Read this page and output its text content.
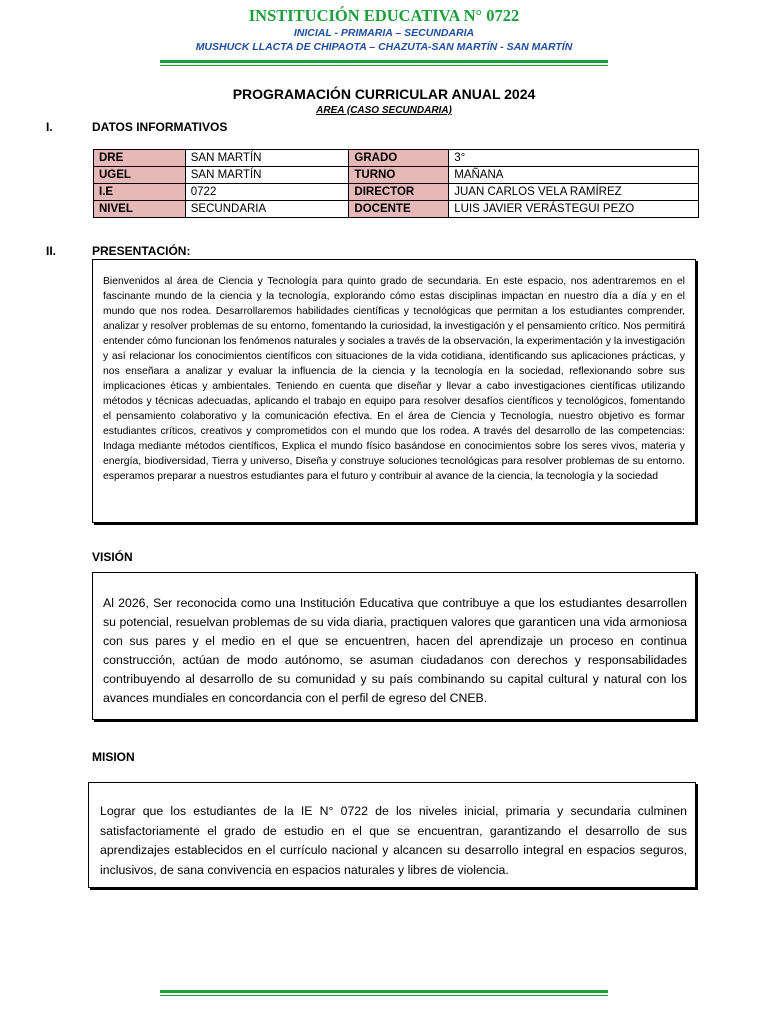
INSTITUCIÓN EDUCATIVA N° 0722
INICIAL - PRIMARIA – SECUNDARIA
MUSHUCK LLACTA DE CHIPAOTA – CHAZUTA-SAN MARTÍN - SAN MARTÍN
PROGRAMACIÓN CURRICULAR ANUAL 2024
AREA (CASO SECUNDARIA)
I.	DATOS INFORMATIVOS
DRE	SAN MARTÍN	GRADO	3°
UGEL	SAN MARTÍN	TURNO	MAÑANA
I.E	0722	DIRECTOR	JUAN CARLOS VELA RAMÍREZ
NIVEL	SECUNDARIA	DOCENTE	LUIS JAVIER VERÁSTEGUI PEZO
II.	PRESENTACIÓN:

Bienvenidos al área de Ciencia y Tecnología para quinto grado de secundaria. En este espacio, nos adentraremos en el fascinante mundo de la ciencia y la tecnología, explorando cómo estas disciplinas impactan en nuestro día a día y en el mundo que nos rodea. Desarrollaremos habilidades científicas y tecnológicas que permitan a los estudiantes comprender, analizar y resolver problemas de su entorno, fomentando la curiosidad, la investigación y el pensamiento crítico. Nos permitirá entender cómo funcionan los fenómenos naturales y sociales a través de la observación, la experimentación y la investigación y así relacionar los conocimientos científicos con situaciones de la vida cotidiana, identificando sus aplicaciones prácticas, y nos enseñara a analizar y evaluar la influencia de la ciencia y la tecnología en la sociedad, reflexionando sobre sus implicaciones éticas y ambientales. Teniendo en cuenta que diseñar y llevar a cabo investigaciones científicas utilizando métodos y técnicas adecuadas, aplicando el trabajo en equipo para resolver desafíos científicos y tecnológicos, fomentando el pensamiento colaborativo y la comunicación efectiva. En el área de Ciencia y Tecnología, nuestro objetivo es formar estudiantes críticos, creativos y comprometidos con el mundo que los rodea. A través del desarrollo de las competencias: Indaga mediante métodos científicos, Explica el mundo físico basándose en conocimientos sobre los seres vivos, materia y energía, biodiversidad, Tierra y universo, Diseña y construye soluciones tecnológicas para resolver problemas de su entorno. esperamos preparar a nuestros estudiantes para el futuro y contribuir al avance de la ciencia, la tecnología y la sociedad

VISIÓN

Al 2026, Ser reconocida como una Institución Educativa que contribuye a que los estudiantes desarrollen su potencial, resuelvan problemas de su vida diaria, practiquen valores que garanticen una vida armoniosa con sus pares y el medio en el que se encuentren, hacen del aprendizaje un proceso en continua construcción, actúan de modo autónomo, se asuman ciudadanos con derechos y responsabilidades contribuyendo al desarrollo de su comunidad y su país combinando su capital cultural y natural con los avances mundiales en concordancia con el perfil de egreso del CNEB.

MISION

Lograr que los estudiantes de la IE N° 0722 de los niveles inicial, primaria y secundaria culminen satisfactoriamente el grado de estudio en el que se encuentran, garantizando el desarrollo de sus aprendizajes establecidos en el currículo nacional y alcancen su desarrollo integral en espacios seguros, inclusivos, de sana convivencia en espacios naturales y libres de violencia.
